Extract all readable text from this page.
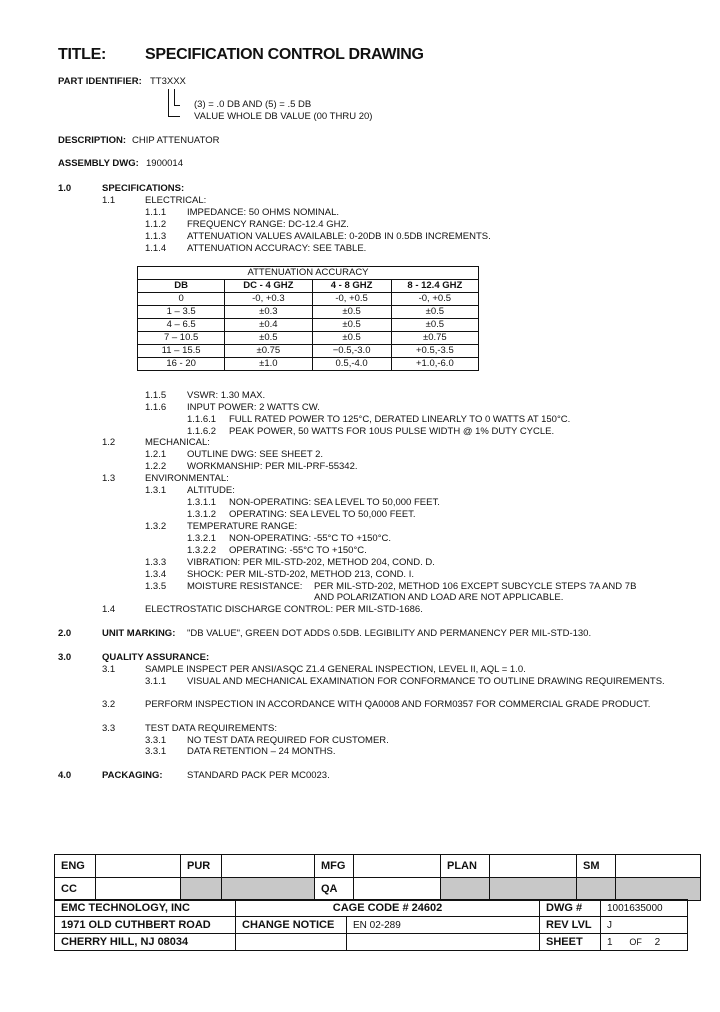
TITLE: SPECIFICATION CONTROL DRAWING
PART IDENTIFIER: TT3XXX
(3) = .0 DB AND (5) = .5 DB
VALUE WHOLE DB VALUE (00 THRU 20)
DESCRIPTION: CHIP ATTENUATOR
ASSEMBLY DWG: 1900014
1.0	SPECIFICATIONS:
1.1	ELECTRICAL:
1.1.1 IMPEDANCE: 50 OHMS NOMINAL.
1.1.2 FREQUENCY RANGE: DC-12.4 GHZ.
1.1.3 ATTENUATION VALUES AVAILABLE: 0-20DB IN 0.5DB INCREMENTS.
1.1.4 ATTENUATION ACCURACY: SEE TABLE.
ATTENUATION ACCURACY			
DB	DC - 4 GHZ	4 - 8 GHZ	8 - 12.4 GHZ
0	-0, +0.3	-0, +0.5	-0, +0.5
1 – 3.5	±0.3	±0.5	±0.5
4 – 6.5	±0.4	±0.5	±0.5
7 – 10.5	±0.5	±0.5	±0.75
11 – 15.5	±0.75	−0.5,-3.0	+0.5,-3.5
16 - 20	±1.0	0.5,-4.0	+1.0,-6.0
1.1.5 VSWR: 1.30 MAX.
1.1.6 INPUT POWER: 2 WATTS CW.
1.1.6.1 FULL RATED POWER TO 125°C, DERATED LINEARLY TO 0 WATTS AT 150°C.
1.1.6.2 PEAK POWER, 50 WATTS FOR 10US PULSE WIDTH @ 1% DUTY CYCLE.
1.2	MECHANICAL:
1.2.1 OUTLINE DWG: SEE SHEET 2.
1.2.2 WORKMANSHIP: PER MIL-PRF-55342.
1.3	ENVIRONMENTAL:
1.3.1 ALTITUDE:
1.3.1.1 NON-OPERATING: SEA LEVEL TO 50,000 FEET.
1.3.1.2 OPERATING: SEA LEVEL TO 50,000 FEET.
1.3.2 TEMPERATURE RANGE:
1.3.2.1 NON-OPERATING: -55°C TO +150°C.
1.3.2.2 OPERATING: -55°C TO +150°C.
1.3.3 VIBRATION: PER MIL-STD-202, METHOD 204, COND. D.
1.3.4 SHOCK: PER MIL-STD-202, METHOD 213, COND. I.
1.3.5 MOISTURE RESISTANCE: PER MIL-STD-202, METHOD 106 EXCEPT SUBCYCLE STEPS 7A AND 7B
AND POLARIZATION AND LOAD ARE NOT APPLICABLE.
1.4	ELECTROSTATIC DISCHARGE CONTROL: PER MIL-STD-1686.
2.0	UNIT MARKING: "DB VALUE", GREEN DOT ADDS 0.5DB. LEGIBILITY AND PERMANENCY PER MIL-STD-130.
3.0	QUALITY ASSURANCE:
3.1	SAMPLE INSPECT PER ANSI/ASQC Z1.4 GENERAL INSPECTION, LEVEL II, AQL = 1.0.
3.1.1 VISUAL AND MECHANICAL EXAMINATION FOR CONFORMANCE TO OUTLINE DRAWING REQUIREMENTS.
3.2	PERFORM INSPECTION IN ACCORDANCE WITH QA0008 AND FORM0357 FOR COMMERCIAL GRADE PRODUCT.
3.3	TEST DATA REQUIREMENTS:
3.3.1 NO TEST DATA REQUIRED FOR CUSTOMER.
3.3.1 DATA RETENTION – 24 MONTHS.
4.0	PACKAGING:	STANDARD PACK PER MC0023.
ENG		PUR		MFG		PLAN		SM	
CC				QA					
EMC TECHNOLOGY, INC	CAGE CODE # 24602		DWG #	1001635000
1971 OLD CUTHBERT ROAD	CHANGE NOTICE	EN 02-289	REV LVL	J
CHERRY HILL, NJ 08034			SHEET	1 OF 2
